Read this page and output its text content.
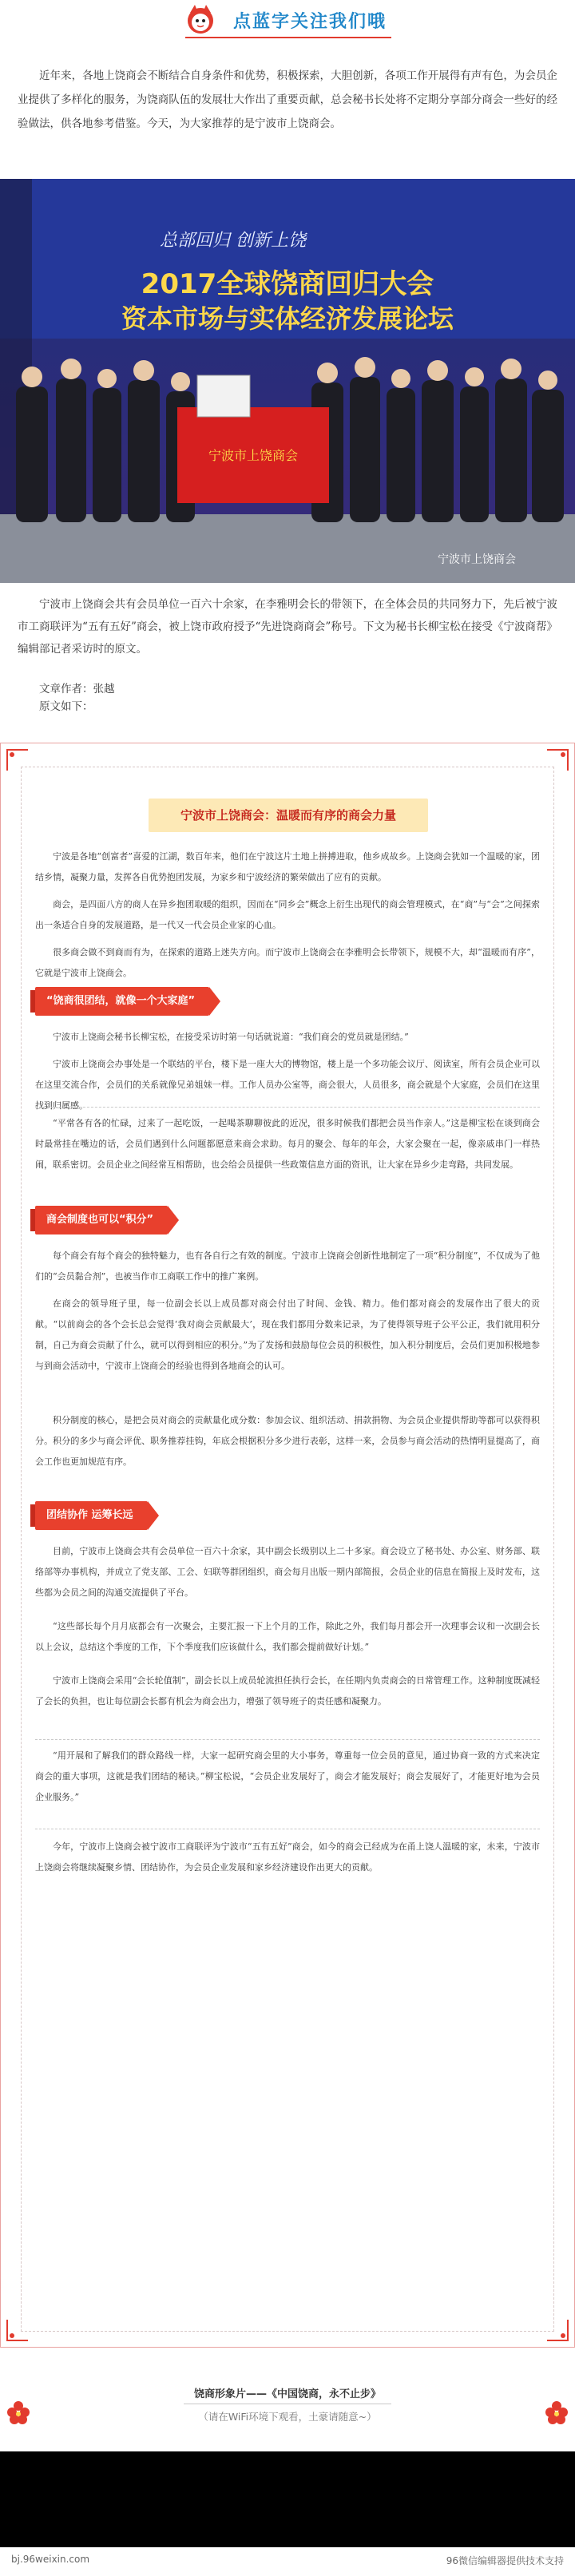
点蓝字关注我们哦
近年来，各地上饶商会不断结合自身条件和优势，积极探索，大胆创新，各项工作开展得有声有色，为会员企业提供了多样化的服务，为饶商队伍的发展壮大作出了重要贡献，总会秘书长处将不定期分享部分商会一些好的经验做法，供各地参考借鉴。今天，为大家推荐的是宁波市上饶商会。
总部回归 创新上饶
2017全球饶商回归大会
资本市场与实体经济发展论坛
宁波市上饶商会
宁波市上饶商会
宁波市上饶商会共有会员单位一百六十余家，在李雅明会长的带领下，在全体会员的共同努力下，先后被宁波市工商联评为“五有五好”商会，被上饶市政府授予“先进饶商商会”称号。下文为秘书长柳宝松在接受《宁波商帮》编辑部记者采访时的原文。
文章作者：张越
原文如下：
宁波市上饶商会：温暖而有序的商会力量
宁波是各地“创富者”喜爱的江湖，数百年来，他们在宁波这片土地上拼搏进取，他乡成故乡。上饶商会犹如一个温暖的家，团结乡情，凝聚力量，发挥各自优势抱团发展，为家乡和宁波经济的繁荣做出了应有的贡献。
商会，是四面八方的商人在异乡抱团取暖的组织，因而在“同乡会”概念上衍生出现代的商会管理模式，在“商”与“会”之间探索出一条适合自身的发展道路，是一代又一代会员企业家的心血。
很多商会做不到商而有为，在探索的道路上迷失方向。而宁波市上饶商会在李雅明会长带领下，规模不大，却“温暖而有序”，它就是宁波市上饶商会。
“饶商很团结，就像一个大家庭”
宁波市上饶商会秘书长柳宝松，在接受采访时第一句话就说道：“我们商会的党员就是团结。”
宁波市上饶商会办事处是一个联结的平台，楼下是一座大大的博物馆，楼上是一个多功能会议厅、阅读室，所有会员企业可以在这里交流合作，会员们的关系就像兄弟姐妹一样。工作人员办公室等，商会很大，人员很多，商会就是个大家庭，会员们在这里找到归属感。
“平常各有各的忙碌，过来了一起吃饭，一起喝茶聊聊彼此的近况，很多时候我们都把会员当作亲人。”这是柳宝松在谈到商会时最常挂在嘴边的话，会员们遇到什么问题都愿意来商会求助。每月的聚会、每年的年会，大家会聚在一起，像亲戚串门一样热闹，联系密切。会员企业之间经常互相帮助，也会给会员提供一些政策信息方面的资讯，让大家在异乡少走弯路，共同发展。
商会制度也可以“积分”
每个商会有每个商会的独特魅力，也有各自行之有效的制度。宁波市上饶商会创新性地制定了一项“积分制度”，不仅成为了他们的“会员黏合剂”，也被当作市工商联工作中的推广案例。
在商会的领导班子里，每一位副会长以上成员都对商会付出了时间、金钱、精力。他们都对商会的发展作出了很大的贡献。“以前商会的各个会长总会觉得‘我对商会贡献最大’，现在我们都用分数来记录，为了使得领导班子公平公正，我们就用积分制，自己为商会贡献了什么，就可以得到相应的积分。”为了发扬和鼓励每位会员的积极性，加入积分制度后，会员们更加积极地参与到商会活动中，宁波市上饶商会的经验也得到各地商会的认可。
积分制度的核心，是把会员对商会的贡献量化成分数：参加会议、组织活动、捐款捐物、为会员企业提供帮助等都可以获得积分。积分的多少与商会评优、职务推荐挂钩，年底会根据积分多少进行表彰，这样一来，会员参与商会活动的热情明显提高了，商会工作也更加规范有序。
团结协作 运筹长远
目前，宁波市上饶商会共有会员单位一百六十余家，其中副会长级别以上二十多家。商会设立了秘书处、办公室、财务部、联络部等办事机构，并成立了党支部、工会、妇联等群团组织，商会每月出版一期内部简报，会员企业的信息在简报上及时发布，这些都为会员之间的沟通交流提供了平台。
“这些部长每个月月底都会有一次聚会，主要汇报一下上个月的工作，除此之外，我们每月都会开一次理事会议和一次副会长以上会议，总结这个季度的工作，下个季度我们应该做什么，我们都会提前做好计划。”
宁波市上饶商会采用“会长轮值制”，副会长以上成员轮流担任执行会长，在任期内负责商会的日常管理工作。这种制度既减轻了会长的负担，也让每位副会长都有机会为商会出力，增强了领导班子的责任感和凝聚力。
“用开展和了解我们的群众路线一样，大家一起研究商会里的大小事务，尊重每一位会员的意见，通过协商一致的方式来决定商会的重大事项，这就是我们团结的秘诀。”柳宝松说，“会员企业发展好了，商会才能发展好；商会发展好了，才能更好地为会员企业服务。”
今年，宁波市上饶商会被宁波市工商联评为宁波市“五有五好”商会，如今的商会已经成为在甬上饶人温暖的家，未来，宁波市上饶商会将继续凝聚乡情、团结协作，为会员企业发展和家乡经济建设作出更大的贡献。
饶商形象片——《中国饶商，永不止步》
（请在WiFi环境下观看，土豪请随意~）
bj.96weixin.com	96微信编辑器提供技术支持
